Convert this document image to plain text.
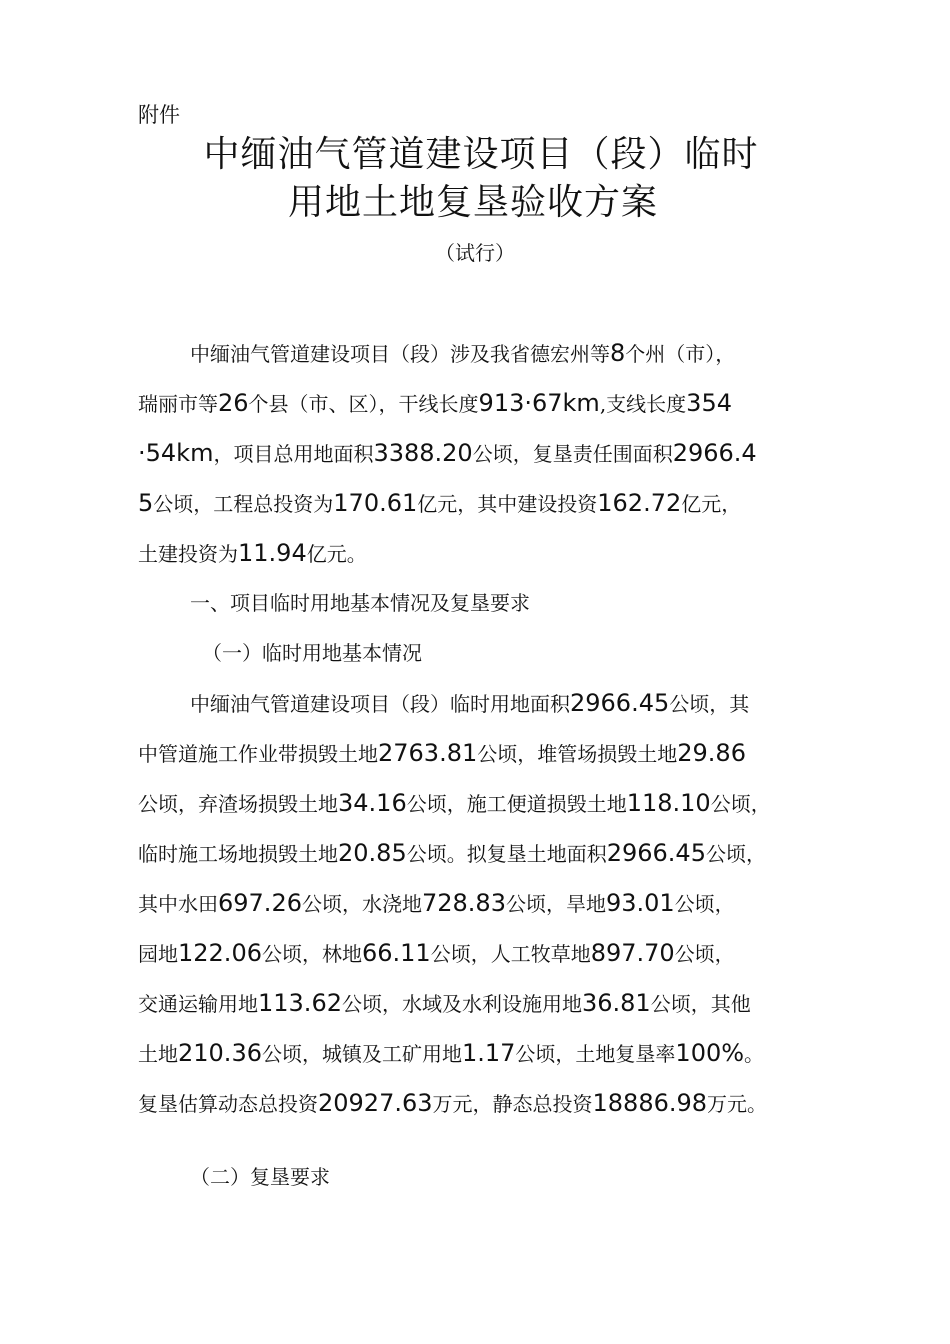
附件
中缅油气管道建设项目（段）临时
用地土地复垦验收方案
（试行）
中缅油气管道建设项目（段）涉及我省德宏州等8个州（市），
瑞丽市等26个县（市、区），干线长度913·67km,支线长度354
·54km，项目总用地面积3388.20公顷，复垦责任围面积2966.4
5公顷，工程总投资为170.61亿元，其中建设投资162.72亿元，
土建投资为11.94亿元。
一、项目临时用地基本情况及复垦要求
（一）临时用地基本情况
中缅油气管道建设项目（段）临时用地面积2966.45公顷，其
中管道施工作业带损毁土地2763.81公顷，堆管场损毁土地29.86
公顷，弃渣场损毁土地34.16公顷，施工便道损毁土地118.10公顷，
临时施工场地损毁土地20.85公顷。拟复垦土地面积2966.45公顷，
其中水田697.26公顷，水浇地728.83公顷，旱地93.01公顷，
园地122.06公顷，林地66.11公顷，人工牧草地897.70公顷，
交通运输用地113.62公顷，水域及水利设施用地36.81公顷，其他
土地210.36公顷，城镇及工矿用地1.17公顷，土地复垦率100%。
复垦估算动态总投资20927.63万元，静态总投资18886.98万元。
（二）复垦要求
